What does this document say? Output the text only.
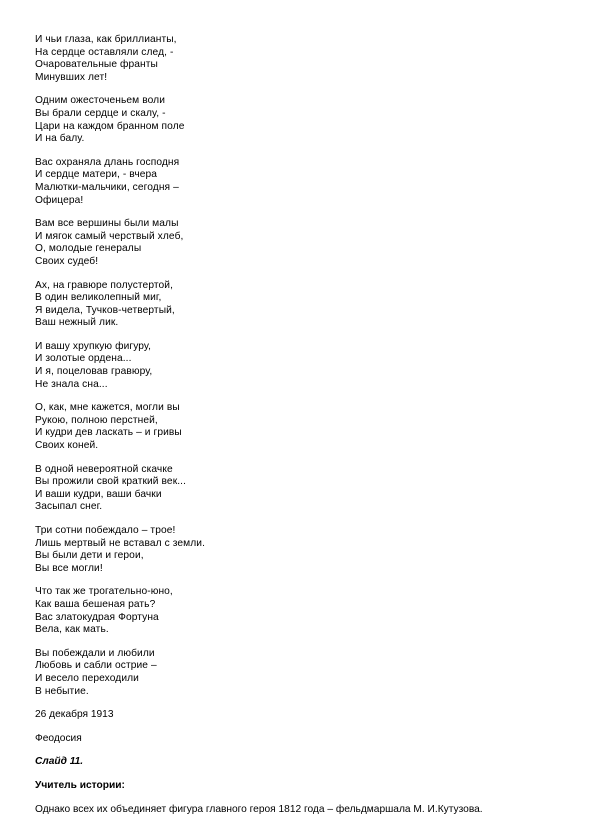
И чьи глаза, как бриллианты,
На сердце оставляли след, -
Очаровательные франты
Минувших лет!
Одним ожесточеньем воли
Вы брали сердце и скалу, -
Цари на каждом бранном поле
И на балу.
Вас охраняла длань господня
И сердце матери, - вчера
Малютки-мальчики, сегодня –
Офицера!
Вам все вершины были малы
И мягок самый черствый хлеб,
О, молодые генералы
Своих судеб!
Ах, на гравюре полустертой,
В один великолепный миг,
Я видела, Тучков-четвертый,
Ваш нежный лик.
И вашу хрупкую фигуру,
И золотые ордена...
И я, поцеловав гравюру,
Не знала сна...
О, как, мне кажется, могли вы
Рукою, полною перстней,
И кудри дев ласкать – и гривы
Своих коней.
В одной невероятной скачке
Вы прожили свой краткий век...
И ваши кудри, ваши бачки
Засыпал снег.
Три сотни побеждало – трое!
Лишь мертвый не вставал с земли.
Вы были дети и герои,
Вы все могли!
Что так же трогательно-юно,
Как ваша бешеная рать?
Вас златокудрая Фортуна
Вела, как мать.
Вы побеждали и любили
Любовь и сабли острие –
И весело переходили
В небытие.
26 декабря 1913
Феодосия
Слайд 11.
Учитель истории:
Однако всех их объединяет фигура главного героя 1812 года – фельдмаршала М. И.Кутузова.
